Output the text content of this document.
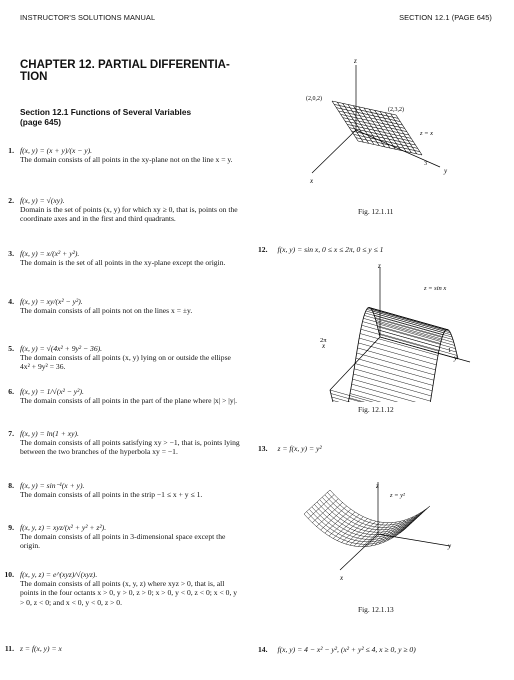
INSTRUCTOR'S SOLUTIONS MANUAL	SECTION 12.1 (PAGE 645)
CHAPTER 12. PARTIAL DIFFERENTIA-
TION
Section 12.1 Functions of Several Variables
(page 645)
1. f(x, y) = (x + y)/(x − y).
The domain consists of all points in the xy-plane not on the line x = y.
2. f(x, y) = √(xy).
Domain is the set of points (x, y) for which xy ≥ 0, that is, points on the coordinate axes and in the first and third quadrants.
3. f(x, y) = x/(x² + y²).
The domain is the set of all points in the xy-plane except the origin.
4. f(x, y) = xy/(x² − y²).
The domain consists of all points not on the lines x = ±y.
5. f(x, y) = √(4x² + 9y² − 36).
The domain consists of all points (x, y) lying on or outside the ellipse 4x² + 9y² = 36.
6. f(x, y) = 1/√(x² − y²).
The domain consists of all points in the part of the plane where |x| > |y|.
7. f(x, y) = ln(1 + xy).
The domain consists of all points satisfying xy > −1, that is, points lying between the two branches of the hyperbola xy = −1.
8. f(x, y) = sin⁻¹(x + y).
The domain consists of all points in the strip −1 ≤ x + y ≤ 1.
9. f(x, y, z) = xyz/(x² + y² + z²).
The domain consists of all points in 3-dimensional space except the origin.
10. f(x, y, z) = e^(xyz)/√(xyz).
The domain consists of all points (x, y, z) where xyz > 0, that is, all points in the four octants x > 0, y > 0, z > 0; x > 0, y < 0, z < 0; x < 0, y > 0, z < 0; and x < 0, y < 0, z > 0.
11. z = f(x, y) = x
z
x
y
(2,0,2)
(2,3,2)
3
z = x
Fig. 12.1.11
12. f(x, y) = sin x, 0 ≤ x ≤ 2π, 0 ≤ y ≤ 1
z
2π
x
1
y
z = sin x
Fig. 12.1.12
13. z = f(x, y) = y²
z
x
y
z = y²
Fig. 12.1.13
14. f(x, y) = 4 − x² − y², (x² + y² ≤ 4, x ≥ 0, y ≥ 0)
